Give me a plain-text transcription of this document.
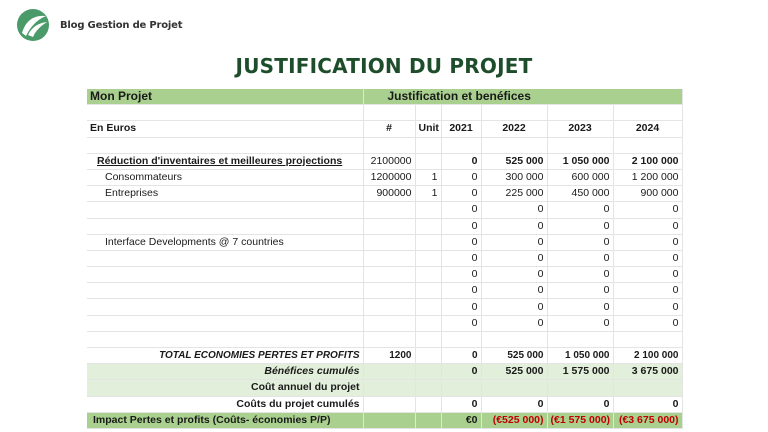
Blog Gestion de Projet
JUSTIFICATION DU PROJET
Mon Projet	Justification et benéfices					

En Euros	#	Unit	2021	2022	2023	2024

Réduction d'inventaires et meilleures projections	2100000		0	525 000	1 050 000	2 100 000
Consommateurs	1200000	1	0	300 000	600 000	1 200 000
Entreprises	900000	1	0	225 000	450 000	900 000
			0	0	0	0
			0	0	0	0
Interface Developments @ 7 countries			0	0	0	0
			0	0	0	0
			0	0	0	0
			0	0	0	0
			0	0	0	0
			0	0	0	0

TOTAL ECONOMIES PERTES ET PROFITS	1200		0	525 000	1 050 000	2 100 000
Bénéfices cumulés			0	525 000	1 575 000	3 675 000
Coût annuel du projet						
Coûts du projet cumulés			0	0	0	0
Impact Pertes et profits (Coûts- économies P/P)			€0	(€525 000)	(€1 575 000)	(€3 675 000)
